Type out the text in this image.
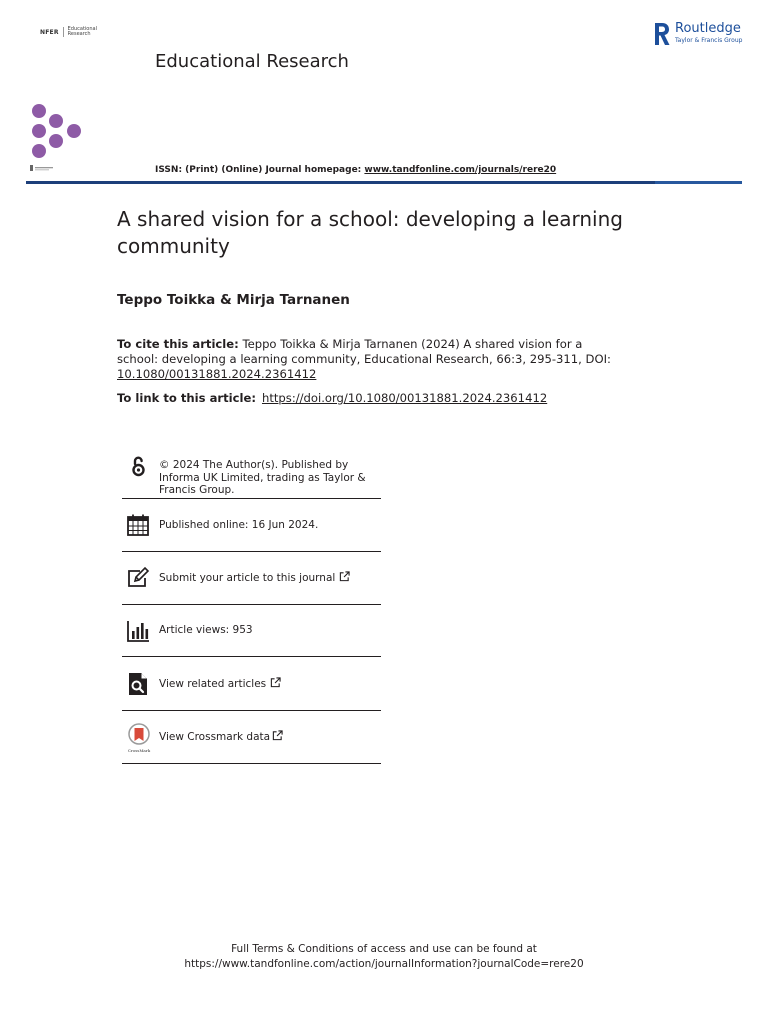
NFER Educational
Research
Educational Research
Routledge
Taylor & Francis Group
ISSN: (Print) (Online) Journal homepage: www.tandfonline.com/journals/rere20
A shared vision for a school: developing a learning community
Teppo Toikka & Mirja Tarnanen
To cite this article: Teppo Toikka & Mirja Tarnanen (2024) A shared vision for a school: developing a learning community, Educational Research, 66:3, 295-311, DOI: 10.1080/00131881.2024.2361412
To link to this article: https://doi.org/10.1080/00131881.2024.2361412
© 2024 The Author(s). Published by Informa UK Limited, trading as Taylor & Francis Group.
Published online: 16 Jun 2024.
Submit your article to this journal
Article views: 953
View related articles
CrossMark
View Crossmark data
Full Terms & Conditions of access and use can be found at
https://www.tandfonline.com/action/journalInformation?journalCode=rere20
